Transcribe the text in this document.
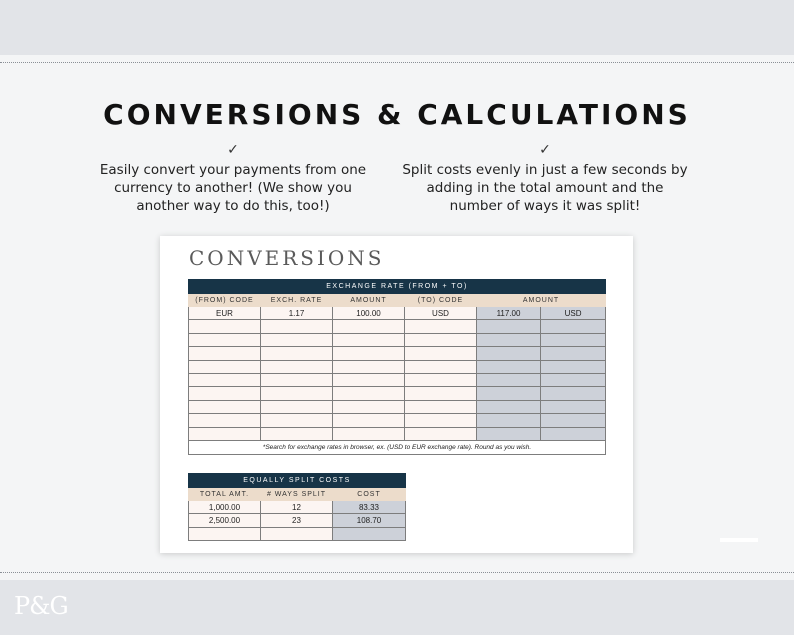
CONVERSIONS & CALCULATIONS
✓
Easily convert your payments from one currency to another! (We show you another way to do this, too!)
✓
Split costs evenly in just a few seconds by adding in the total amount and the number of ways it was split!
CONVERSIONS
EXCHANGE RATE (FROM + TO)					
(FROM) CODE	EXCH. RATE	AMOUNT	(TO) CODE	AMOUNT	
EUR	1.17	100.00	USD	117.00	USD

*Search for exchange rates in browser, ex. (USD to EUR exchange rate). Round as you wish.					
EQUALLY SPLIT COSTS		
TOTAL AMT.	# WAYS SPLIT	COST
1,000.00	12	83.33
2,500.00	23	108.70

P&G
